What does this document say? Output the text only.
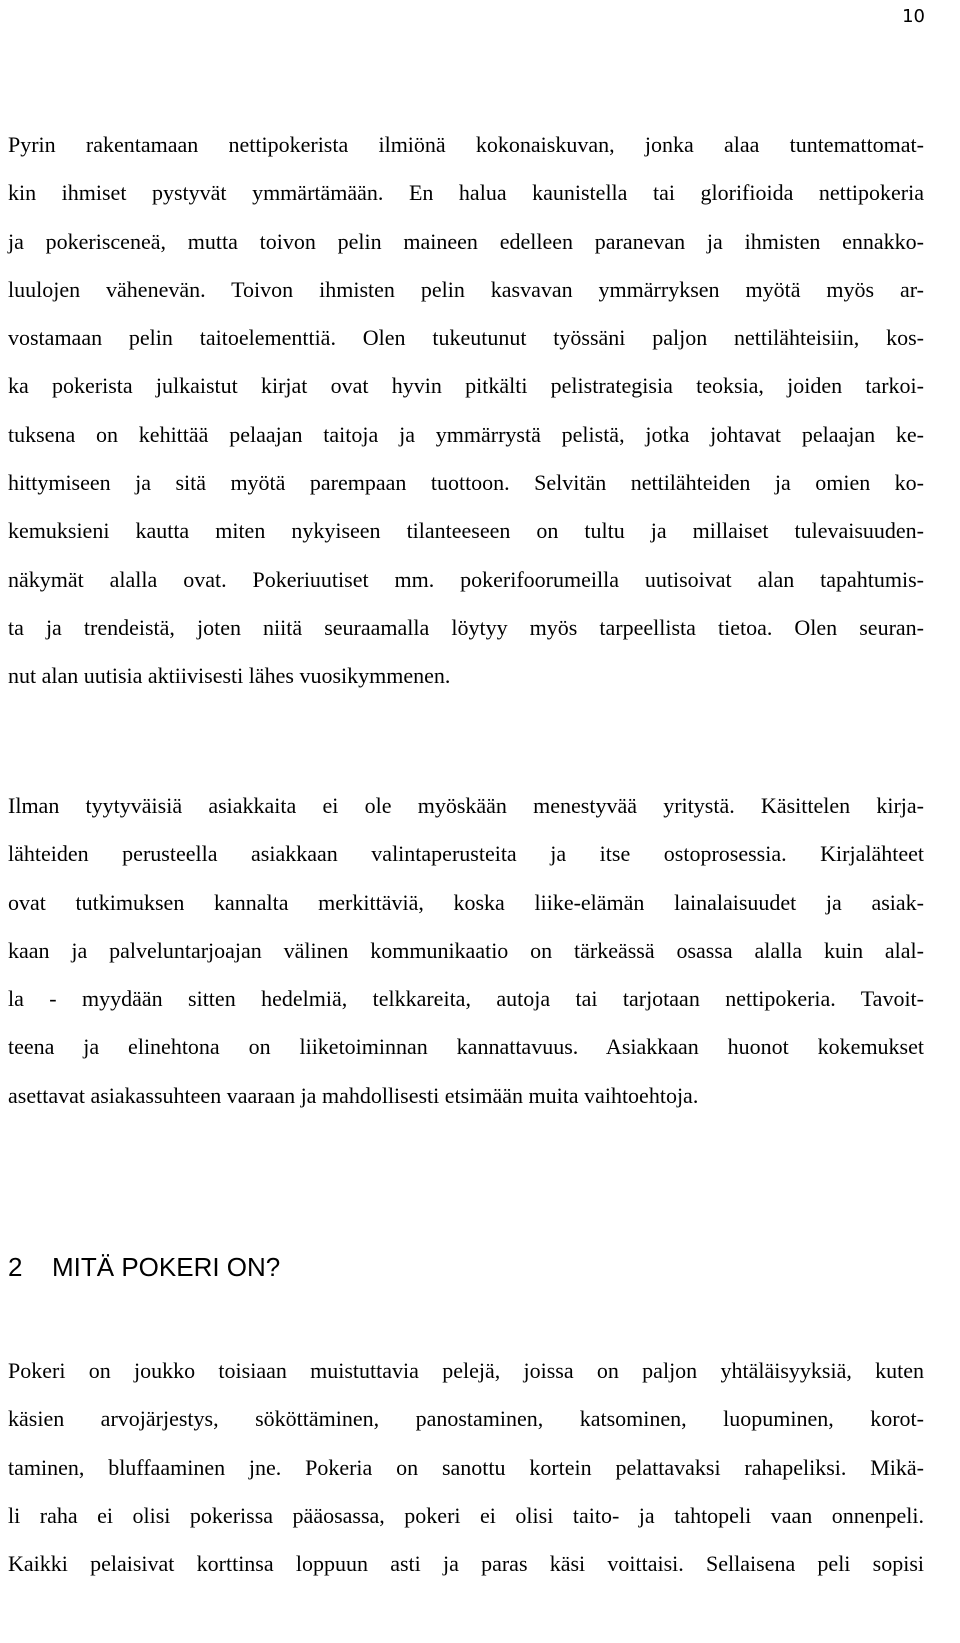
10
Pyrin rakentamaan nettipokerista ilmiönä kokonaiskuvan, jonka alaa tuntemattomat-
kin ihmiset pystyvät ymmärtämään. En halua kaunistella tai glorifioida nettipokeria
ja pokeriscenеä, mutta toivon pelin maineen edelleen paranevan ja ihmisten ennakko-
luulojen vähenevän. Toivon ihmisten pelin kasvavan ymmärryksen myötä myös ar-
vostamaan pelin taitoelementtiä. Olen tukeutunut työssäni paljon nettilähteisiin, kos-
ka pokerista julkaistut kirjat ovat hyvin pitkälti pelistrategisia teoksia, joiden tarkoi-
tuksena on kehittää pelaajan taitoja ja ymmärrystä pelistä, jotka johtavat pelaajan ke-
hittymiseen ja sitä myötä parempaan tuottoon. Selvitän nettilähteiden ja omien ko-
kemuksieni kautta miten nykyiseen tilanteeseen on tultu ja millaiset tulevaisuuden-
näkymät alalla ovat. Pokeriuutiset mm. pokerifoorumeilla uutisoivat alan tapahtumis-
ta ja trendeistä, joten niitä seuraamalla löytyy myös tarpeellista tietoa. Olen seuran-
nut alan uutisia aktiivisesti lähes vuosikymmenen.
Ilman tyytyväisiä asiakkaita ei ole myöskään menestyvää yritystä. Käsittelen kirja-
lähteiden perusteella asiakkaan valintaperusteita ja itse ostoprosessia. Kirjalähteet
ovat tutkimuksen kannalta merkittäviä, koska liike-elämän lainalaisuudet ja asiak-
kaan ja palveluntarjoajan välinen kommunikaatio on tärkeässä osassa alalla kuin alal-
la - myydään sitten hedelmiä, telkkareita, autoja tai tarjotaan nettipokeria. Tavoit-
teena ja elinehtona on liiketoiminnan kannattavuus. Asiakkaan huonot kokemukset
asettavat asiakassuhteen vaaraan ja mahdollisesti etsimään muita vaihtoehtoja.
2 MITÄ POKERI ON?
Pokeri on joukko toisiaan muistuttavia pelejä, joissa on paljon yhtäläisyyksiä, kuten
käsien arvojärjestys, sököttäminen, panostaminen, katsominen, luopuminen, korot-
taminen, bluffaaminen jne. Pokeria on sanottu kortein pelattavaksi rahapeliksi. Mikä-
li raha ei olisi pokerissa pääosassa, pokeri ei olisi taito- ja tahtopeli vaan onnenpeli.
Kaikki pelaisivat korttinsa loppuun asti ja paras käsi voittaisi. Sellaisena peli sopisi
